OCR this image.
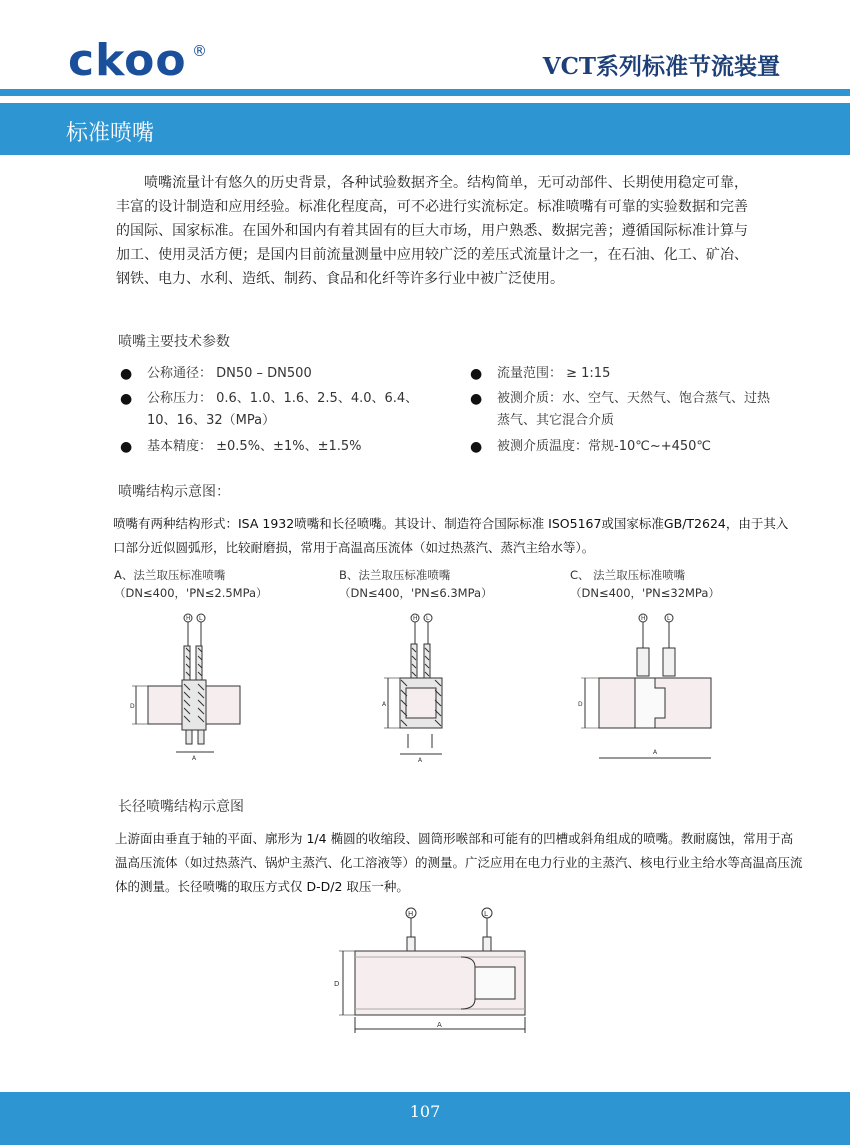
ckoo ®
VCT系列标准节流装置
标准喷嘴

喷嘴流量计有悠久的历史背景，各种试验数据齐全。结构简单，无可动部件、长期使用稳定可靠，丰富的设计制造和应用经验。标准化程度高，可不必进行实流标定。标准喷嘴有可靠的实验数据和完善的国际、国家标准。在国外和国内有着其固有的巨大市场，用户熟悉、数据完善；遵循国际标准计算与加工、使用灵活方便；是国内目前流量测量中应用较广泛的差压式流量计之一，在石油、化工、矿冶、钢铁、电力、水利、造纸、制药、食品和化纤等许多行业中被广泛使用。

喷嘴主要技术参数
● 公称通径： DN50 – DN500
● 公称压力： 0.6、1.0、1.6、2.5、4.0、6.4、10、16、32（MPa）
● 基本精度： ±0.5%、±1%、±1.5%
● 流量范围： ≥ 1:15
● 被测介质：水、空气、天然气、饱合蒸气、过热蒸气、其它混合介质
● 被测介质温度：常规-10℃~+450℃
喷嘴结构示意图：

喷嘴有两种结构形式：ISA 1932喷嘴和长径喷嘴。其设计、制造符合国际标准 ISO5167或国家标准GB/T2624，由于其入口部分近似圆弧形，比较耐磨损，常用于高温高压流体（如过热蒸汽、蒸汽主给水等）。

A、法兰取压标准喷嘴
（DN≤400，'PN≤2.5MPa）
B、法兰取压标准喷嘴
（DN≤400，'PN≤6.3MPa）
C、 法兰取压标准喷嘴
（DN≤400，'PN≤32MPa）
H L
D
A
H L
A
A
H	L
D
A
长径喷嘴结构示意图

上游面由垂直于轴的平面、廓形为 1/4 椭圆的收缩段、圆筒形喉部和可能有的凹槽或斜角组成的喷嘴。教耐腐蚀，常用于高温高压流体（如过热蒸汽、锅炉主蒸汽、化工溶液等）的测量。广泛应用在电力行业的主蒸汽、核电行业主给水等高温高压流体的测量。长径喷嘴的取压方式仅 D-D/2 取压一种。

H	L
D
A
107
